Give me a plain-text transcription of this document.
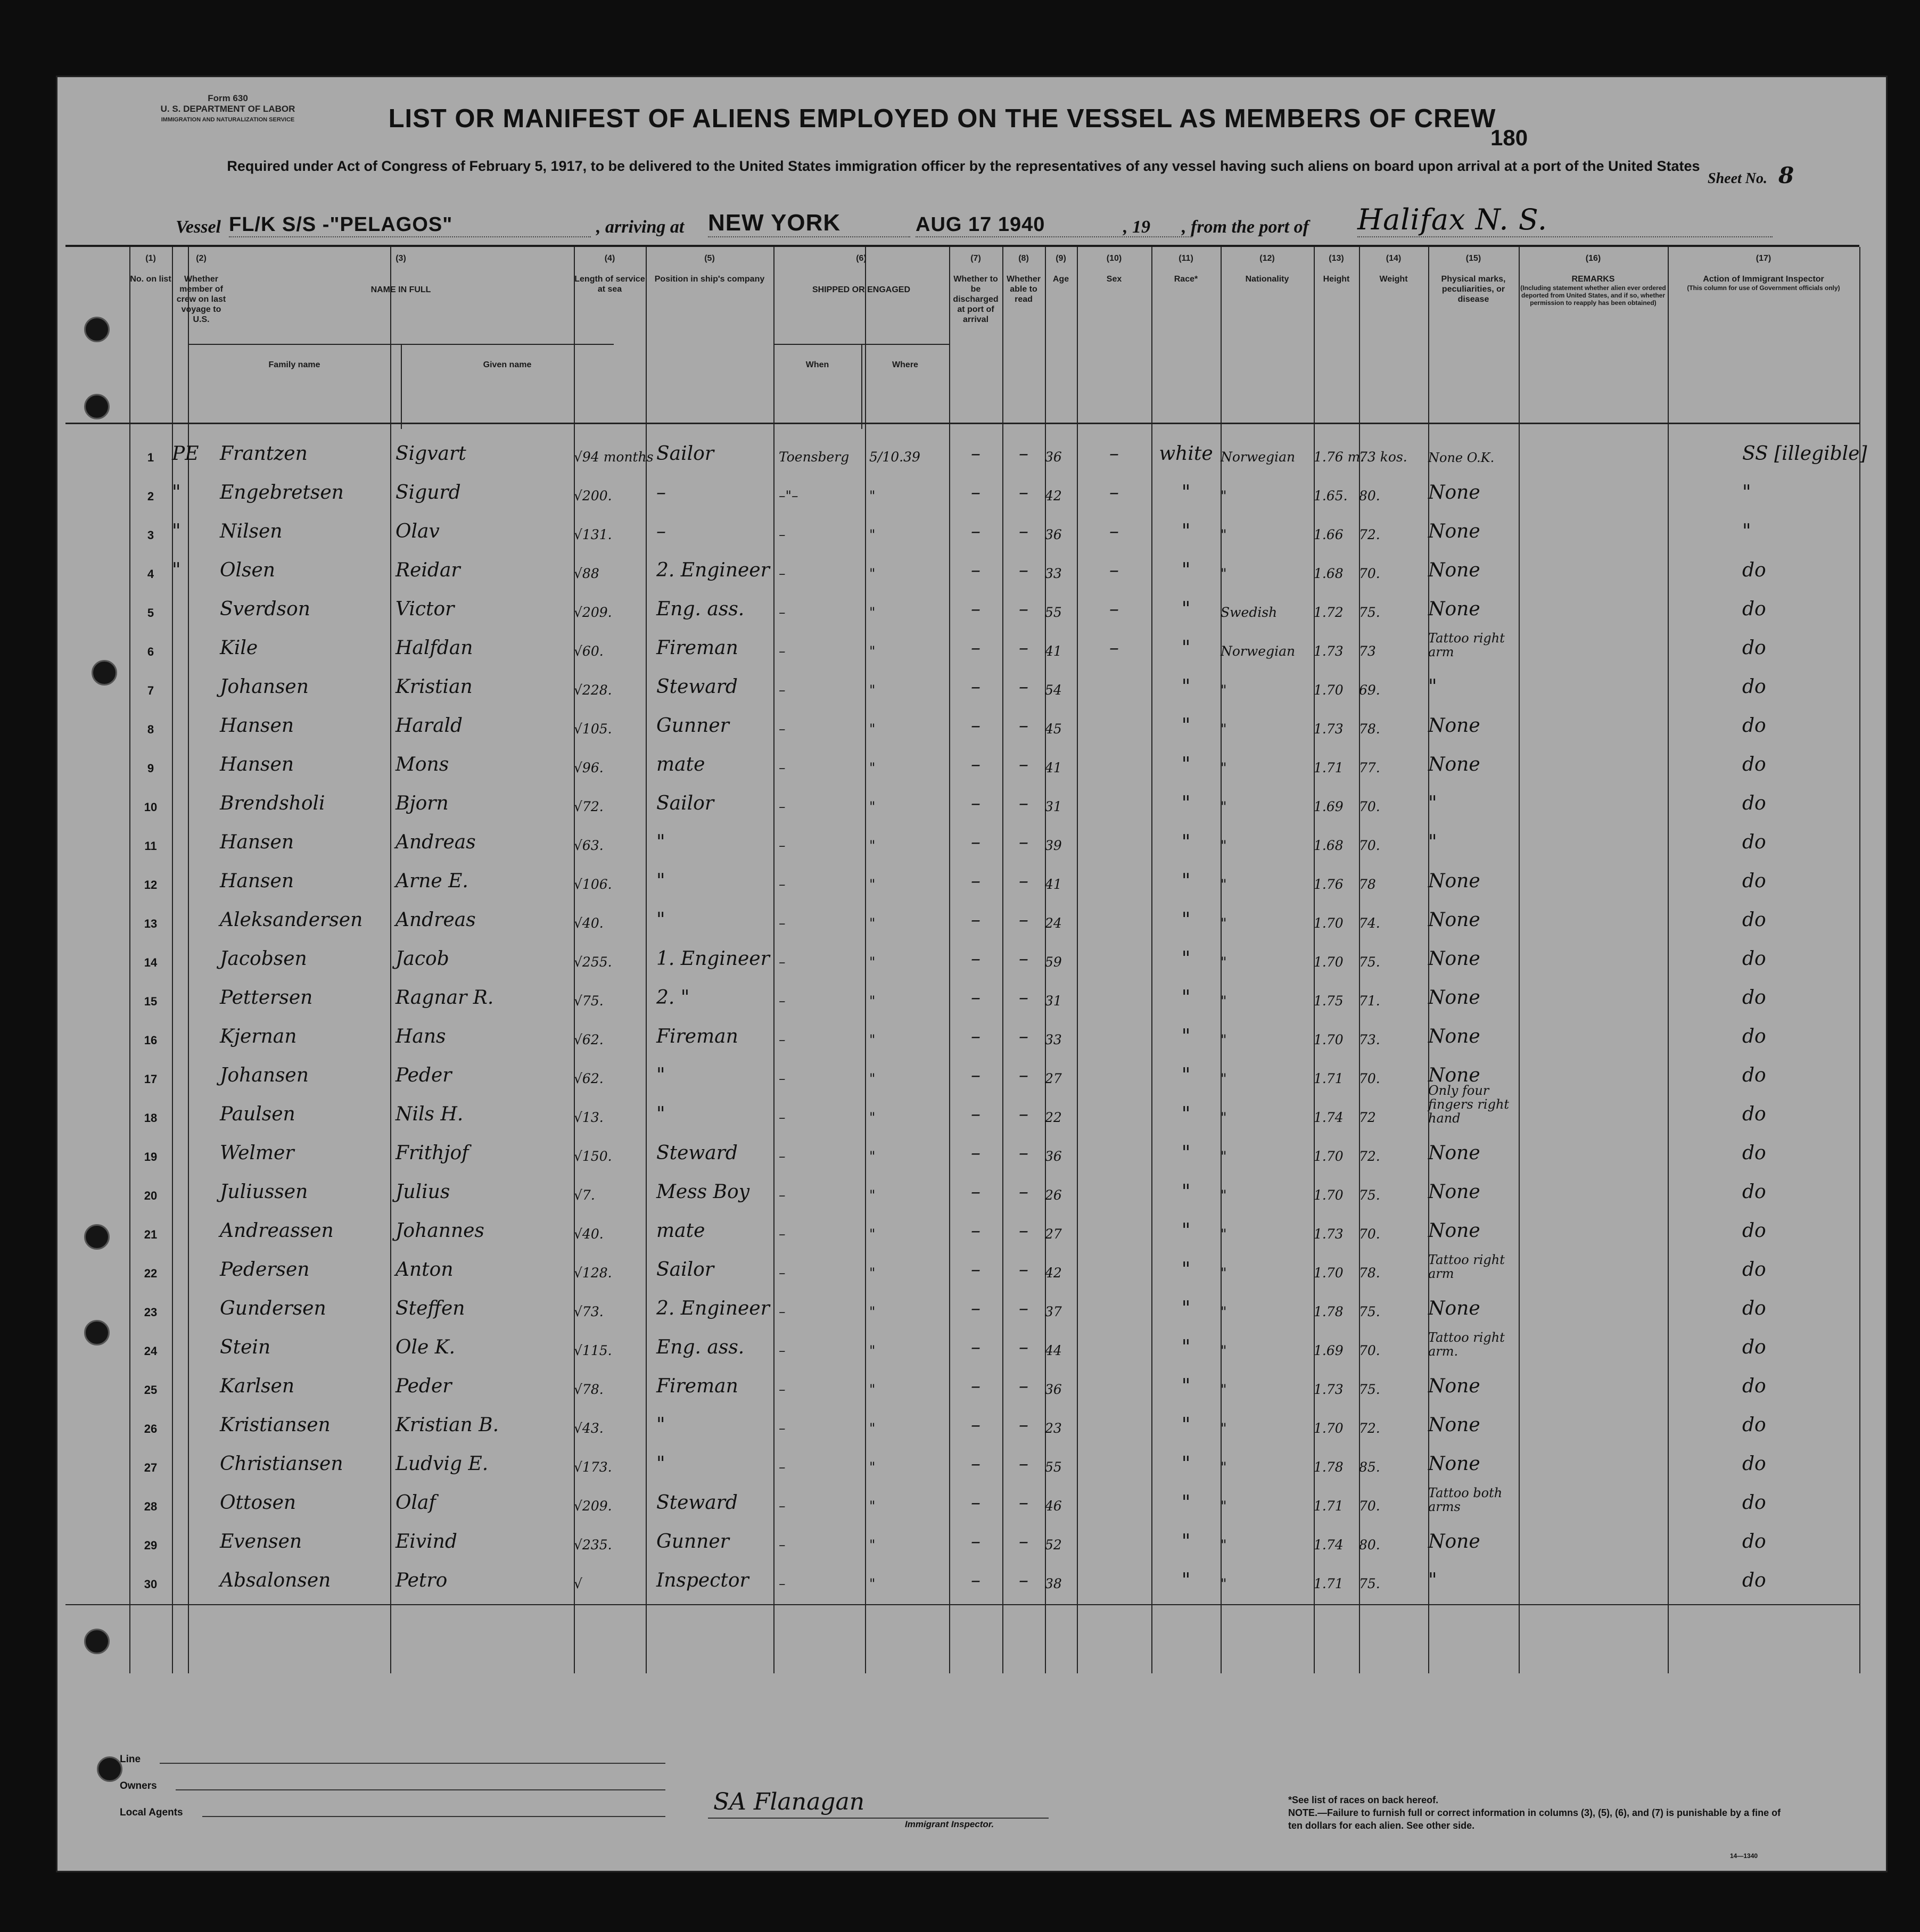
Form 630
U. S. DEPARTMENT OF LABOR
IMMIGRATION AND NATURALIZATION SERVICE
Sheet No. 8
LIST OR MANIFEST OF ALIENS EMPLOYED ON THE VESSEL AS MEMBERS OF CREW
180
Required under Act of Congress of February 5, 1917, to be delivered to the United States immigration officer by the representatives of any vessel having such aliens on board upon arrival at a port of the United States
Vessel FL/K S/S -"PELAGOS"	, arriving at NEW YORK	AUG 17 1940	, 19 , from the port of Halifax N. S.
(1)
No. on list
(2)
Whether member of crew on last voyage to U.S.
(3)
NAME IN FULL
Family name	Given name
(4)
Length of service at sea
(5)
Position in ship's company
(6)
SHIPPED OR ENGAGED
When	Where
(7)
Whether to be discharged at port of arrival
(8)
Whether able to read
(9)
Age
(10)
Sex
(11)
Race*
(12)
Nationality
(13)
Height
(14)
Weight
(15)
Physical marks, peculiarities, or disease
(16)
REMARKS
(Including statement whether alien ever ordered deported from United States, and if so, whether permission to reapply has been obtained)
(17)
Action of Immigrant Inspector
(This column for use of Government officials only)
1 PE	Frantzen	Sigvart	√94 months Sailor	Toensberg	5/10.39	–	–	36	–	white Norwegian	1.76 m.
73 kos.	None O.K.	SS [illegible]
2 "	Engebretsen	Sigurd	√200.	–	–"–	"	–	–	42	–	"	"	1.65. 80.	None	"
3 "	Nilsen	Olav	√131.	–	–	"	–	–	36	–	"	"	1.66	72.	None	"
4 "	Olsen	Reidar	√88	2. Engineer –	"	–	–	33	–	"	"	1.68	70.	None	do
5	Sverdson	Victor	√209.	Eng. ass.	–	"	–	–	55	–	"	Swedish	1.72	75.	None	do
6	Kile	Halfdan	√60.	Fireman	–	"	–	–	41	–	"	Norwegian	1.73	73
Tattoo right arm	do
7	Johansen	Kristian	√228.	Steward	–	"	–	–	54	"	"	1.70	69.	"	do
8	Hansen	Harald	√105.	Gunner	–	"	–	–	45	"	"	1.73	78.	None	do
9	Hansen	Mons	√96.	mate	–	"	–	–	41	"	"	1.71	77.	None	do
10	Brendsholi	Bjorn	√72.	Sailor	–	"	–	–	31	"	"	1.69	70.	"	do
11	Hansen	Andreas	√63.	"	–	"	–	–	39	"	"	1.68	70.	"	do
12	Hansen	Arne E.	√106.	"	–	"	–	–	41	"	"	1.76	78	None	do
13	Aleksandersen	Andreas	√40.	"	–	"	–	–	24	"	"	1.70	74.	None	do
14	Jacobsen	Jacob	√255.	1. Engineer –	"	–	–	59	"	"	1.70	75.	None	do
15	Pettersen	Ragnar R.	√75.	2. "	–	"	–	–	31	"	"	1.75	71.	None	do
16	Kjernan	Hans	√62.	Fireman	–	"	–	–	33	"	"	1.70	73.	None	do
17	Johansen	Peder	√62.	"	–	"	–	–	27	"	"	1.71	70.	None	do
18	Paulsen	Nils H.	√13.	"	–	"	–	–	22	"	"	1.74	72
Only four fingers right hand	do
19	Welmer	Frithjof	√150.	Steward	–	"	–	–	36	"	"	1.70	72.	None	do
20	Juliussen	Julius	√7.	Mess Boy	–	"	–	–	26	"	"	1.70	75.	None	do
21	Andreassen	Johannes	√40.	mate	–	"	–	–	27	"	"	1.73	70.	None	do
22	Pedersen	Anton	√128.	Sailor	–	"	–	–	42	"	"	1.70	78.
Tattoo right arm	do
23	Gundersen	Steffen	√73.	2. Engineer –	"	–	–	37	"	"	1.78	75.	None	do
24	Stein	Ole K.	√115.	Eng. ass.	–	"	–	–	44	"	"	1.69	70.
Tattoo right arm.	do
25	Karlsen	Peder	√78.	Fireman	–	"	–	–	36	"	"	1.73	75.	None	do
26	Kristiansen	Kristian B.	√43.	"	–	"	–	–	23	"	"	1.70	72.	None	do
27	Christiansen	Ludvig E.	√173.	"	–	"	–	–	55	"	"	1.78	85.	None	do
28	Ottosen	Olaf	√209.	Steward	–	"	–	–	46	"	"	1.71	70.
Tattoo both arms	do
29	Evensen	Eivind	√235.	Gunner	–	"	–	–	52	"	"	1.74	80.	None	do
30	Absalonsen	Petro	√	Inspector	–	"	–	–	38	"	"	1.71	75.	"	do
Line
Owners
Local Agents	SA Flanagan
Immigrant Inspector.
*See list of races on back hereof.
NOTE.—Failure to furnish full or correct information in columns (3), (5), (6), and (7) is punishable by a fine of ten dollars for each alien. See other side.
14—1340
